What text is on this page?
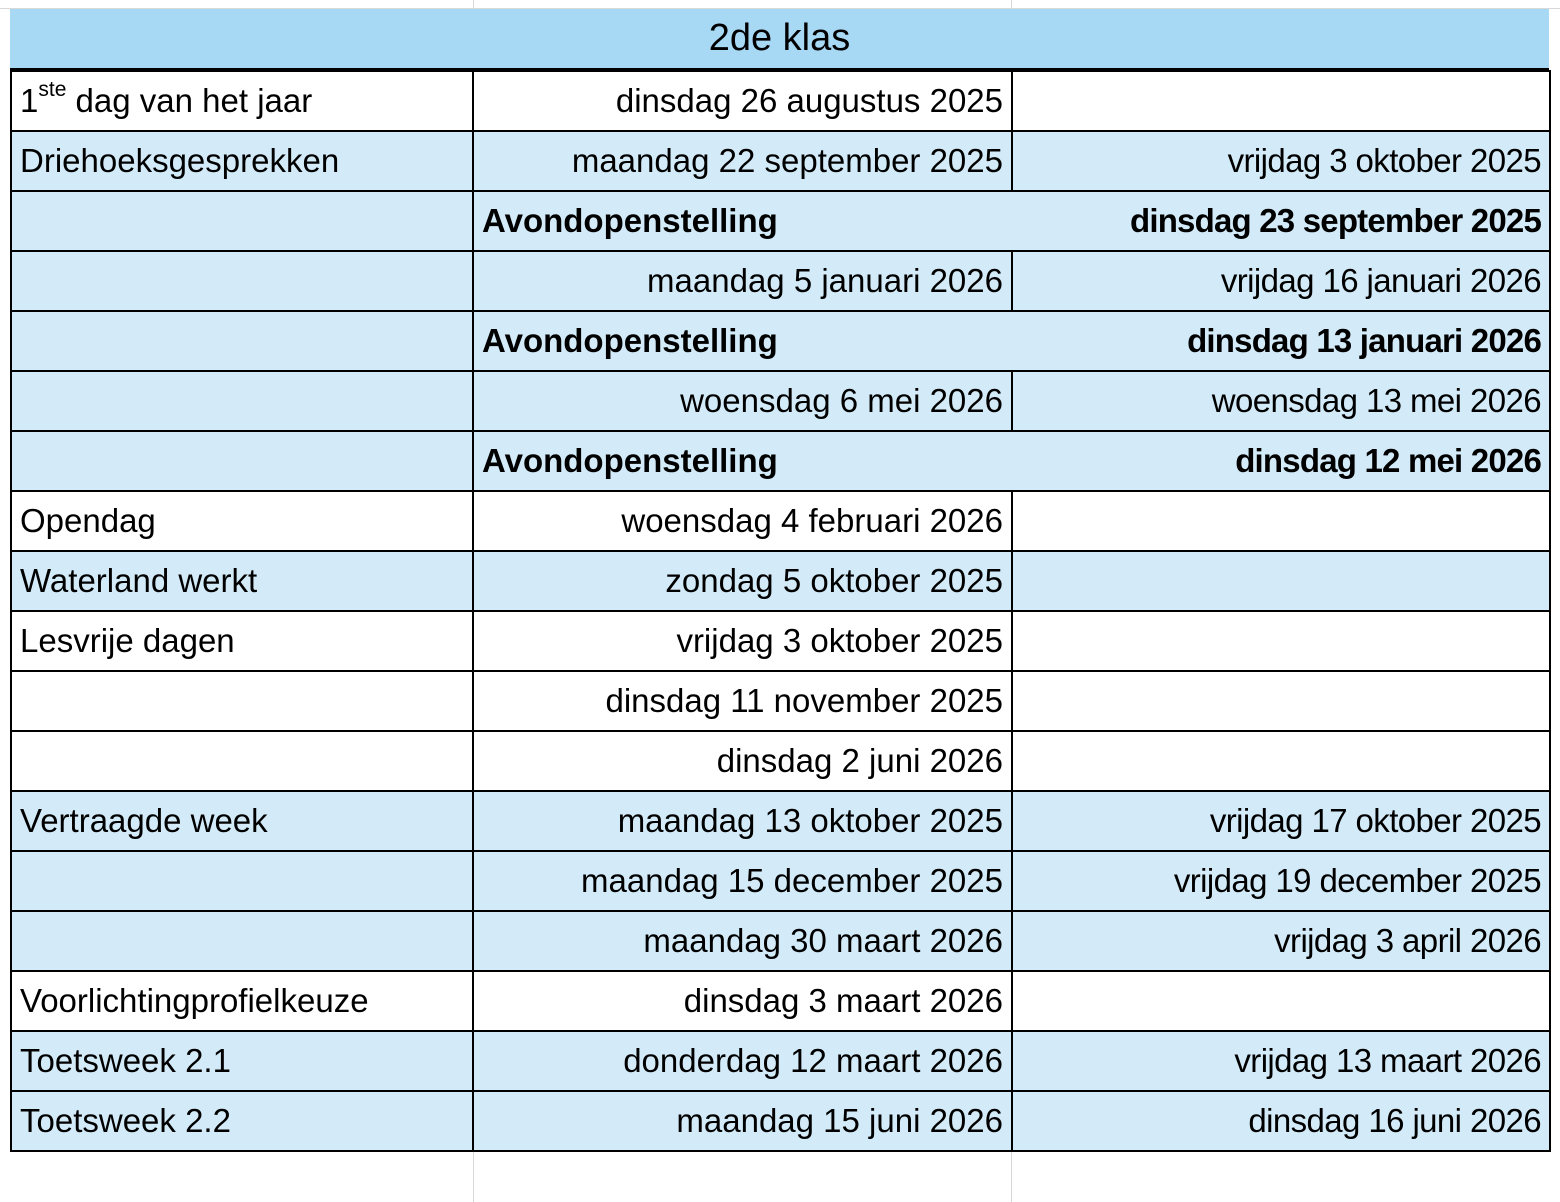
2de klas
1ste dag van het jaar	dinsdag 26 augustus 2025	
Driehoeksgesprekken	maandag 22 september 2025	vrijdag 3 oktober 2025
	Avondopenstelling	dinsdag 23 september 2025
	maandag 5 januari 2026	vrijdag 16 januari 2026
	Avondopenstelling	dinsdag 13 januari 2026
	woensdag 6 mei 2026	woensdag 13 mei 2026
	Avondopenstelling	dinsdag 12 mei 2026
Opendag	woensdag 4 februari 2026	
Waterland werkt	zondag 5 oktober 2025	
Lesvrije dagen	vrijdag 3 oktober 2025	
	dinsdag 11 november 2025	
	dinsdag 2 juni 2026	
Vertraagde week	maandag 13 oktober 2025	vrijdag 17 oktober 2025
	maandag 15 december 2025	vrijdag 19 december 2025
	maandag 30 maart 2026	vrijdag 3 april 2026
Voorlichtingprofielkeuze	dinsdag 3 maart 2026	
Toetsweek 2.1	donderdag 12 maart 2026	vrijdag 13 maart 2026
Toetsweek 2.2	maandag 15 juni 2026	dinsdag 16 juni 2026
